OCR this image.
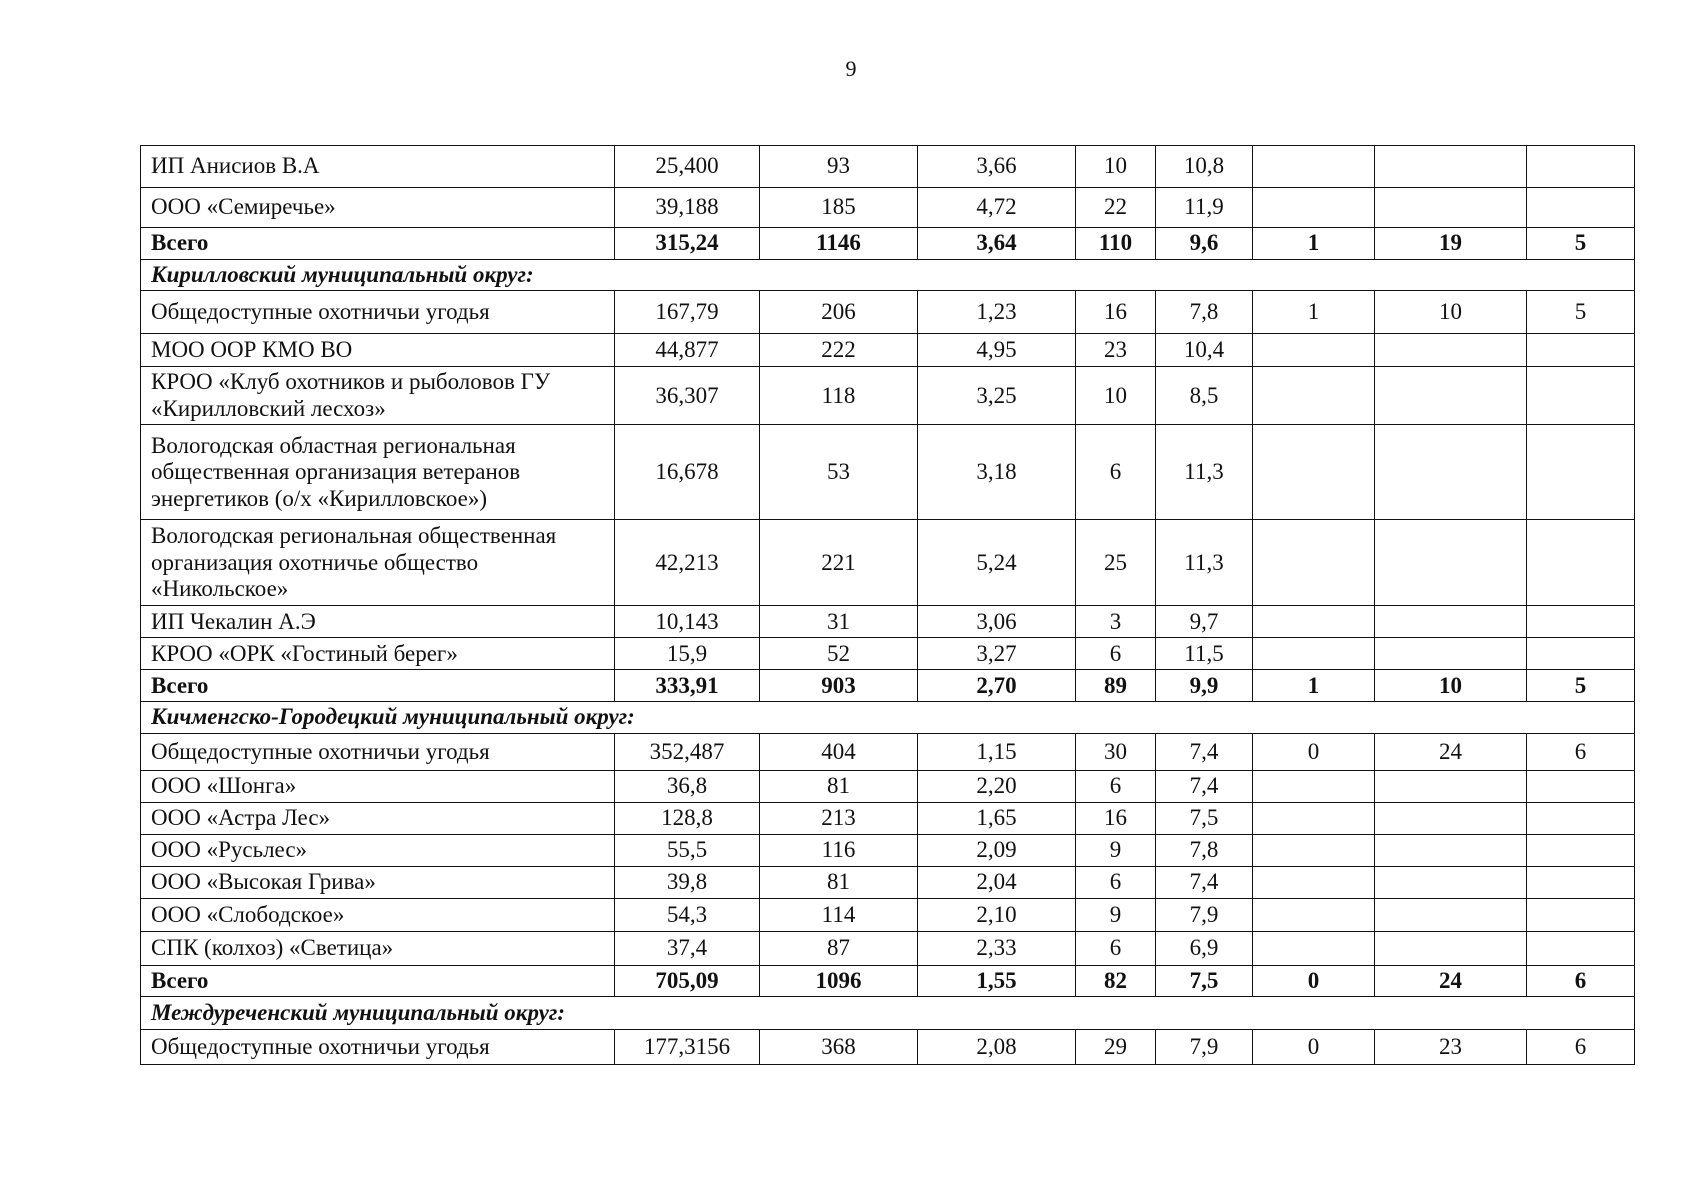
9
ИП Анисиов В.А	25,400	93	3,66	10	10,8			
ООО «Семиречье»	39,188	185	4,72	22	11,9			
Всего	315,24	1146	3,64	110	9,6	1	19	5
Кирилловский муниципальный округ:								
Общедоступные охотничьи угодья	167,79	206	1,23	16	7,8	1	10	5
МОО ООР КМО ВО	44,877	222	4,95	23	10,4			
КРОО «Клуб охотников и рыболовов ГУ «Кирилловский лесхоз»	36,307	118	3,25	10	8,5			
Вологодская областная региональная общественная организация ветеранов энергетиков (о/х «Кирилловское»)	16,678	53	3,18	6	11,3			
Вологодская региональная общественная организация охотничье общество «Никольское»	42,213	221	5,24	25	11,3			
ИП Чекалин А.Э	10,143	31	3,06	3	9,7			
КРОО «ОРК «Гостиный берег»	15,9	52	3,27	6	11,5			
Всего	333,91	903	2,70	89	9,9	1	10	5
Кичменгско-Городецкий муниципальный округ:								
Общедоступные охотничьи угодья	352,487	404	1,15	30	7,4	0	24	6
ООО «Шонга»	36,8	81	2,20	6	7,4			
ООО «Астра Лес»	128,8	213	1,65	16	7,5			
ООО «Русьлес»	55,5	116	2,09	9	7,8			
ООО «Высокая Грива»	39,8	81	2,04	6	7,4			
ООО «Слободское»	54,3	114	2,10	9	7,9			
СПК (колхоз) «Светица»	37,4	87	2,33	6	6,9			
Всего	705,09	1096	1,55	82	7,5	0	24	6
Междуреченский муниципальный округ:								
Общедоступные охотничьи угодья	177,3156	368	2,08	29	7,9	0	23	6
